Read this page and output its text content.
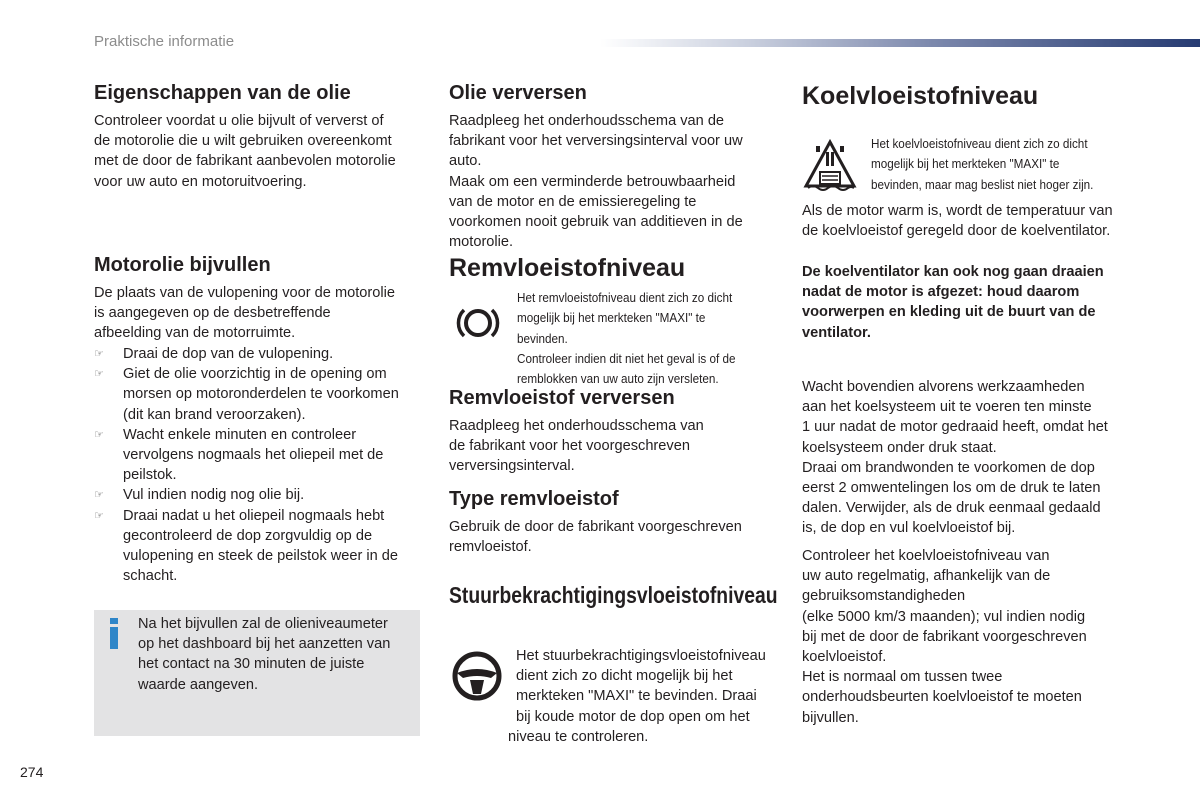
Praktische informatie
Eigenschappen van de olie

Controleer voordat u olie bijvult of ververst of
de motorolie die u wilt gebruiken overeenkomt
met de door de fabrikant aanbevolen motorolie
voor uw auto en motoruitvoering.

Motorolie bijvullen

De plaats van de vulopening voor de motorolie
is aangegeven op de desbetreffende
afbeelding van de motorruimte.

☞ Draai de dop van de vulopening.
☞ Giet de olie voorzichtig in de opening om
morsen op motoronderdelen te voorkomen
(dit kan brand veroorzaken).
☞ Wacht enkele minuten en controleer
vervolgens nogmaals het oliepeil met de
peilstok.
☞ Vul indien nodig nog olie bij.
☞ Draai nadat u het oliepeil nogmaals hebt
gecontroleerd de dop zorgvuldig op de
vulopening en steek de peilstok weer in de
schacht.

Na het bijvullen zal de olieniveaumeter
op het dashboard bij het aanzetten van
het contact na 30 minuten de juiste
waarde aangeven.

Olie verversen

Raadpleeg het onderhoudsschema van de
fabrikant voor het verversingsinterval voor uw
auto.
Maak om een verminderde betrouwbaarheid
van de motor en de emissieregeling te
voorkomen nooit gebruik van additieven in de
motorolie.

Remvloeistofniveau

Het remvloeistofniveau dient zich zo dicht
mogelijk bij het merkteken "MAXI" te bevinden.
Controleer indien dit niet het geval is of de
remblokken van uw auto zijn versleten.

Remvloeistof verversen

Raadpleeg het onderhoudsschema van
de fabrikant voor het voorgeschreven
verversingsinterval.

Type remvloeistof

Gebruik de door de fabrikant voorgeschreven
remvloeistof.

Stuurbekrachtigingsvloeistofniveau

Het stuurbekrachtigingsvloeistofniveau
dient zich zo dicht mogelijk bij het
merkteken "MAXI" te bevinden. Draai
bij koude motor de dop open om het

niveau te controleren.

Koelvloeistofniveau

Het koelvloeistofniveau dient zich zo dicht
mogelijk bij het merkteken "MAXI" te
bevinden, maar mag beslist niet hoger zijn.

Als de motor warm is, wordt de temperatuur van
de koelvloeistof geregeld door de koelventilator.

De koelventilator kan ook nog gaan draaien
nadat de motor is afgezet: houd daarom
voorwerpen en kleding uit de buurt van de
ventilator.

Wacht bovendien alvorens werkzaamheden
aan het koelsysteem uit te voeren ten minste
1 uur nadat de motor gedraaid heeft, omdat het
koelsysteem onder druk staat.
Draai om brandwonden te voorkomen de dop
eerst 2 omwentelingen los om de druk te laten
dalen. Verwijder, als de druk eenmaal gedaald
is, de dop en vul koelvloeistof bij.

Controleer het koelvloeistofniveau van
uw auto regelmatig, afhankelijk van de
gebruiksomstandigheden
(elke 5000 km/3 maanden); vul indien nodig
bij met de door de fabrikant voorgeschreven
koelvloeistof.
Het is normaal om tussen twee
onderhoudsbeurten koelvloeistof te moeten
bijvullen.

274
